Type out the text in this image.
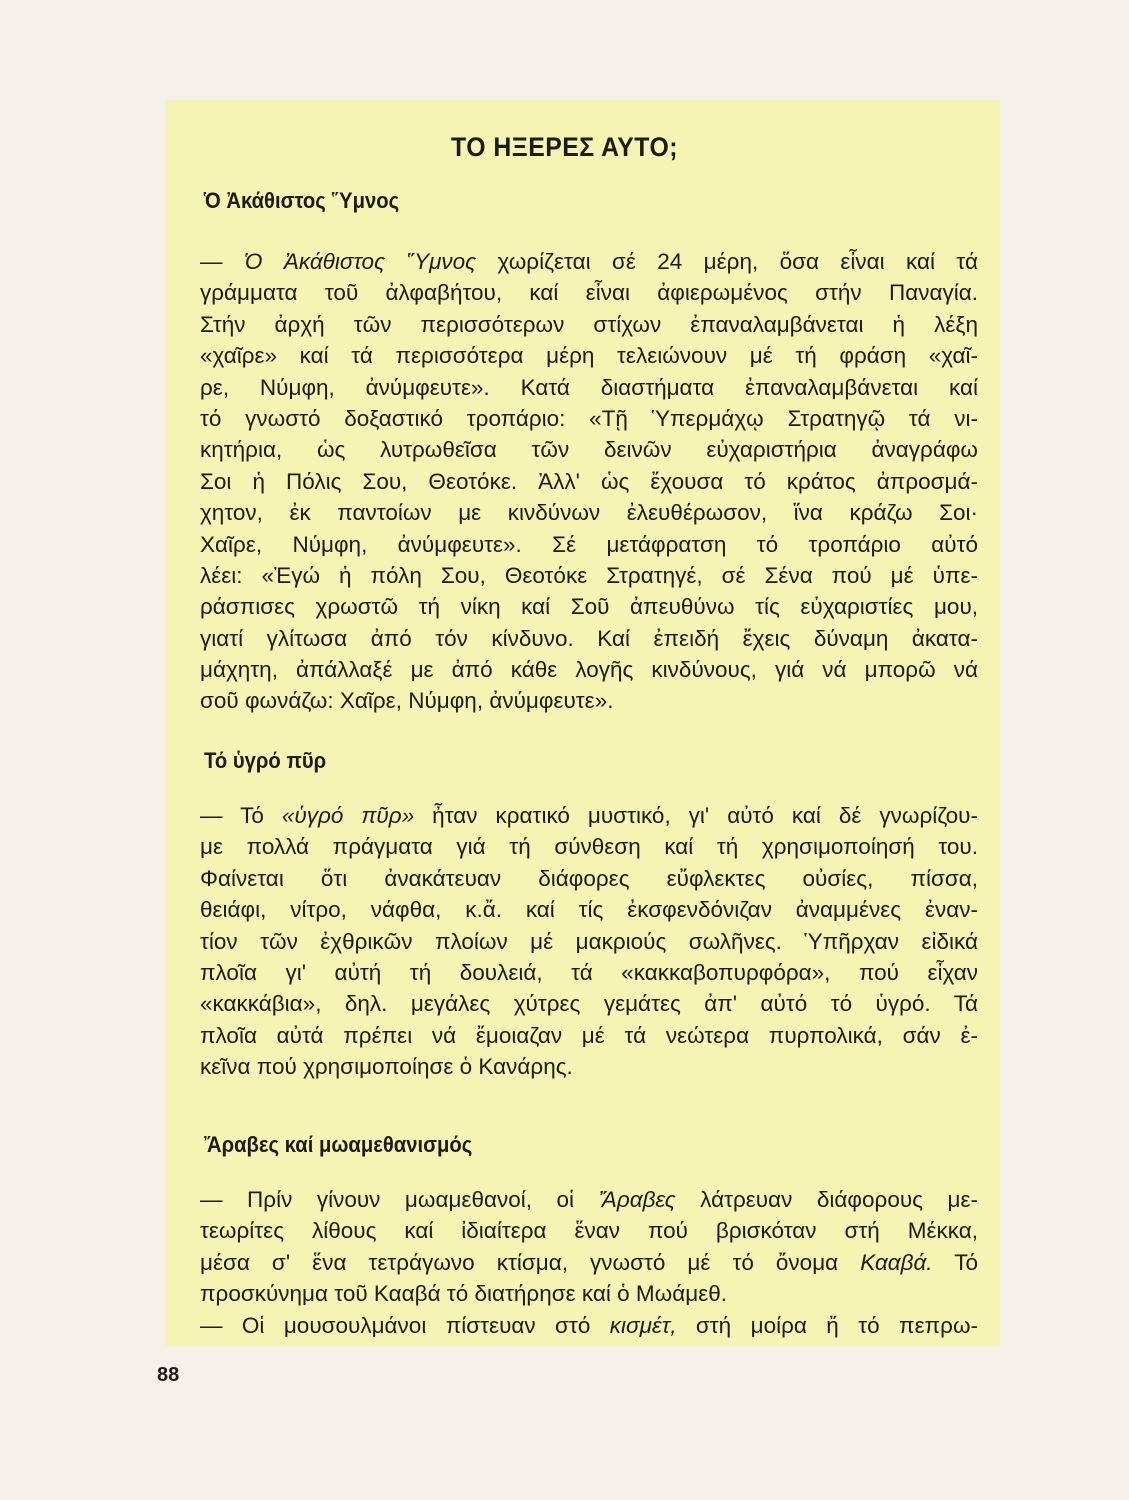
ΤΟ ΗΞΕΡΕΣ ΑΥΤΟ;
Ὁ Ἀκάθιστος Ὕμνος
— Ὁ Ἀκάθιστος Ὕμνος χωρίζεται σέ 24 μέρη, ὅσα εἶναι καί τά
γράμματα τοῦ ἀλφαβήτου, καί εἶναι ἀφιερωμένος στήν Παναγία.
Στήν ἀρχή τῶν περισσότερων στίχων ἐπαναλαμβάνεται ἡ λέξη
«χαῖρε» καί τά περισσότερα μέρη τελειώνουν μέ τή φράση «χαῖ-
ρε, Νύμφη, ἀνύμφευτε». Κατά διαστήματα ἐπαναλαμβάνεται καί
τό γνωστό δοξαστικό τροπάριο: «Τῇ Ὑπερμάχῳ Στρατηγῷ τά νι-
κητήρια, ὡς λυτρωθεῖσα τῶν δεινῶν εὐχαριστήρια ἀναγράφω
Σοι ἡ Πόλις Σου, Θεοτόκε. Ἀλλ' ὡς ἔχουσα τό κράτος ἀπροσμά-
χητον, ἐκ παντοίων με κινδύνων ἐλευθέρωσον, ἵνα κράζω Σοι·
Χαῖρε, Νύμφη, ἀνύμφευτε». Σέ μετάφρατση τό τροπάριο αὐτό
λέει: «Ἐγώ ἡ πόλη Σου, Θεοτόκε Στρατηγέ, σέ Σένα πού μέ ὑπε-
ράσπισες χρωστῶ τή νίκη καί Σοῦ ἀπευθύνω τίς εὐχαριστίες μου,
γιατί γλίτωσα ἀπό τόν κίνδυνο. Καί ἐπειδή ἔχεις δύναμη ἀκατα-
μάχητη, ἀπάλλαξέ με ἀπό κάθε λογῆς κινδύνους, γιά νά μπορῶ νά
σοῦ φωνάζω: Χαῖρε, Νύμφη, ἀνύμφευτε».
Τό ὑγρό πῦρ
— Τό «ὑγρό πῦρ» ἦταν κρατικό μυστικό, γι' αὐτό καί δέ γνωρίζου-
με πολλά πράγματα γιά τή σύνθεση καί τή χρησιμοποίησή του.
Φαίνεται ὅτι ἀνακάτευαν διάφορες εὔφλεκτες οὐσίες, πίσσα,
θειάφι, νίτρο, νάφθα, κ.ἄ. καί τίς ἐκσφενδόνιζαν ἀναμμένες ἐναν-
τίον τῶν ἐχθρικῶν πλοίων μέ μακριούς σωλῆνες. Ὑπῆρχαν εἰδικά
πλοῖα γι' αὐτή τή δουλειά, τά «κακκαβοπυρφόρα», πού εἶχαν
«κακκάβια», δηλ. μεγάλες χύτρες γεμάτες ἀπ' αὐτό τό ὑγρό. Τά
πλοῖα αὐτά πρέπει νά ἔμοιαζαν μέ τά νεώτερα πυρπολικά, σάν ἐ-
κεῖνα πού χρησιμοποίησε ὁ Κανάρης.
Ἄραβες καί μωαμεθανισμός
— Πρίν γίνουν μωαμεθανοί, οἱ Ἄραβες λάτρευαν διάφορους με-
τεωρίτες λίθους καί ἰδιαίτερα ἕναν πού βρισκόταν στή Μέκκα,
μέσα σ' ἕνα τετράγωνο κτίσμα, γνωστό μέ τό ὄνομα Κααβά. Τό
προσκύνημα τοῦ Κααβά τό διατήρησε καί ὁ Μωάμεθ.
— Οἱ μουσουλμάνοι πίστευαν στό κισμέτ, στή μοίρα ἤ τό πεπρω-
88
